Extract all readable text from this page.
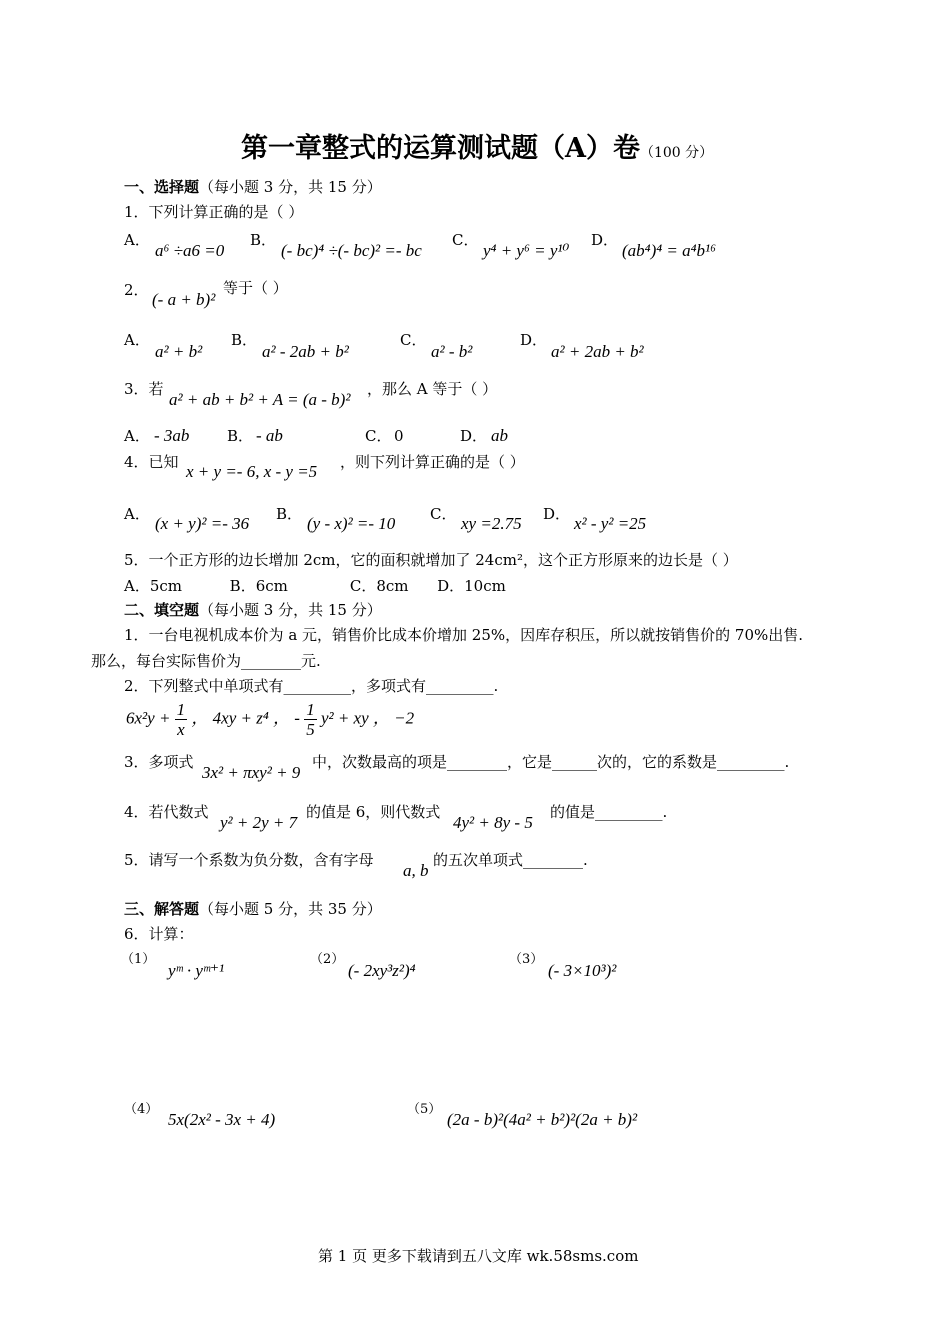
第一章整式的运算测试题（A）卷（100 分）
一、选择题（每小题 3 分，共 15 分）
1．下列计算正确的是（ ）
A．
a⁶ ÷a6 =0
B．
(- bc)⁴ ÷(- bc)² =- bc
C．
y⁴ + y⁶ = y¹⁰
D．
(ab⁴)⁴ = a⁴b¹⁶
2． (- a + b)²
等于（ ）
A．
a² + b²
B．
a² - 2ab + b²
C．
a² - b²
D．
a² + 2ab + b²
3．若
a² + ab + b² + A = (a - b)²
，那么 A 等于（ ）
A． - 3ab	B． - ab	C． 0	D． ab
4．已知 x + y =- 6, x - y =5 ，则下列计算正确的是（ ）
A． (x + y)² =- 36 B． (y - x)² =- 10 C． xy =2.75 D． x² - y² =25
5．一个正方形的边长增加 2cm，它的面积就增加了 24cm²，这个正方形原来的边长是（ ）
A．5cm          B．6cm             C．8cm      D．10cm
二、填空题（每小题 3 分，共 15 分）
1．一台电视机成本价为 a 元，销售价比成本价增加 25%，因库存积压，所以就按销售价的 70%出售.
那么，每台实际售价为________元.
2．下列整式中单项式有_________，多项式有_________.
$6x^2y + \frac{1}{x}$ ， 4xy + z⁴ ， - $\frac{1}{5} y^2$ + xy ， −2
3．多项式
3x² + πxy² + 9
中，次数最高的项是________，它是______次的，它的系数是_________.
4．若代数式
y² + 2y + 7
的值是 6，则代数式
4y² + 8y - 5
的值是_________.
5．请写一个系数为负分数，含有字母
a, b
的五次单项式________.
三、解答题（每小题 5 分，共 35 分）
6．计算：
（1）
yᵐ · yᵐ⁺¹
（2）
(- 2xy³z²)⁴
（3）
(- 3×10³)²
（4）
5x(2x² - 3x + 4)
（5）
(2a - b)²(4a² + b²)²(2a + b)²
第 1 页 更多下载请到五八文库 wk.58sms.com
